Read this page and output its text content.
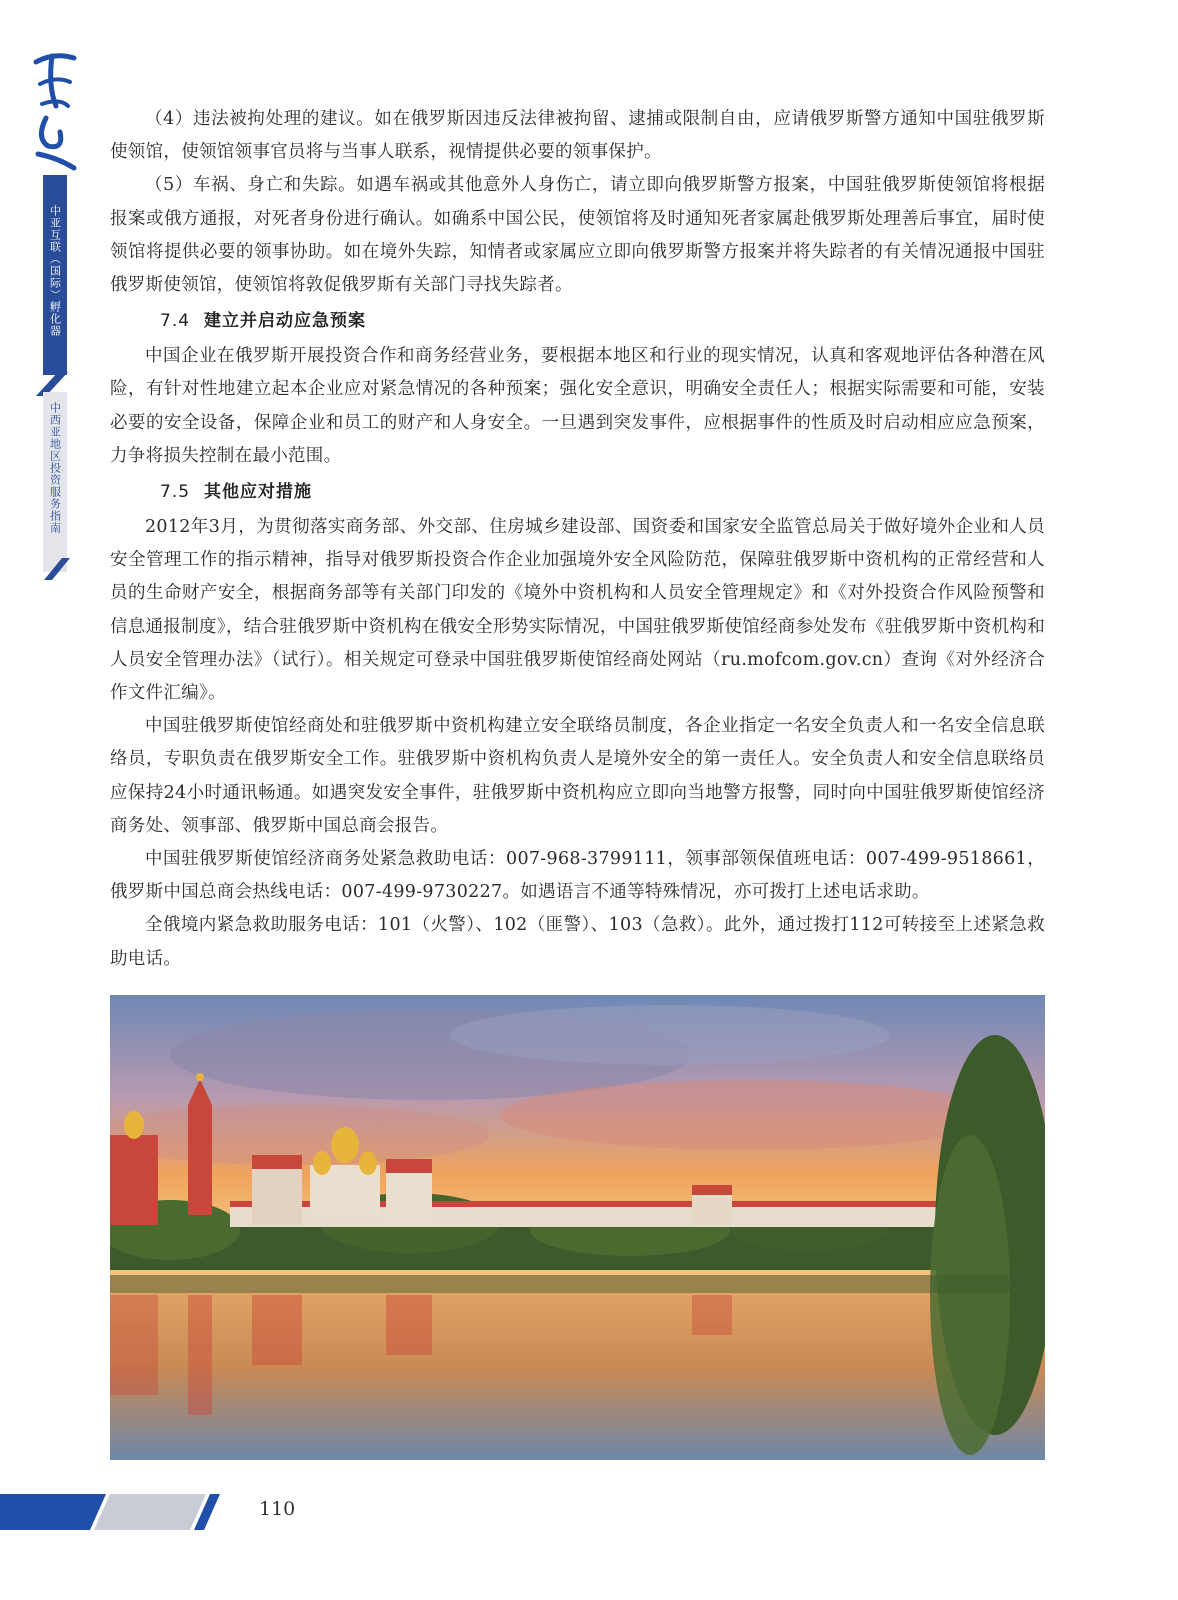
中亚互联（国际）孵化器
中西亚地区投资服务指南

（4）违法被拘处理的建议。如在俄罗斯因违反法律被拘留、逮捕或限制自由，应请俄罗斯警方通知中国驻俄罗斯使领馆，使领馆领事官员将与当事人联系，视情提供必要的领事保护。

（5）车祸、身亡和失踪。如遇车祸或其他意外人身伤亡，请立即向俄罗斯警方报案，中国驻俄罗斯使领馆将根据报案或俄方通报，对死者身份进行确认。如确系中国公民，使领馆将及时通知死者家属赴俄罗斯处理善后事宜，届时使领馆将提供必要的领事协助。如在境外失踪，知情者或家属应立即向俄罗斯警方报案并将失踪者的有关情况通报中国驻俄罗斯使领馆，使领馆将敦促俄罗斯有关部门寻找失踪者。

7.4 建立并启动应急预案

中国企业在俄罗斯开展投资合作和商务经营业务，要根据本地区和行业的现实情况，认真和客观地评估各种潜在风险，有针对性地建立起本企业应对紧急情况的各种预案；强化安全意识，明确安全责任人；根据实际需要和可能，安装必要的安全设备，保障企业和员工的财产和人身安全。一旦遇到突发事件，应根据事件的性质及时启动相应应急预案，力争将损失控制在最小范围。

7.5 其他应对措施

2012年3月，为贯彻落实商务部、外交部、住房城乡建设部、国资委和国家安全监管总局关于做好境外企业和人员安全管理工作的指示精神，指导对俄罗斯投资合作企业加强境外安全风险防范，保障驻俄罗斯中资机构的正常经营和人员的生命财产安全，根据商务部等有关部门印发的《境外中资机构和人员安全管理规定》和《对外投资合作风险预警和信息通报制度》，结合驻俄罗斯中资机构在俄安全形势实际情况，中国驻俄罗斯使馆经商参处发布《驻俄罗斯中资机构和人员安全管理办法》（试行）。相关规定可登录中国驻俄罗斯使馆经商处网站（ru.mofcom.gov.cn）查询《对外经济合作文件汇编》。

中国驻俄罗斯使馆经商处和驻俄罗斯中资机构建立安全联络员制度，各企业指定一名安全负责人和一名安全信息联络员，专职负责在俄罗斯安全工作。驻俄罗斯中资机构负责人是境外安全的第一责任人。安全负责人和安全信息联络员应保持24小时通讯畅通。如遇突发安全事件，驻俄罗斯中资机构应立即向当地警方报警，同时向中国驻俄罗斯使馆经济商务处、领事部、俄罗斯中国总商会报告。

中国驻俄罗斯使馆经济商务处紧急救助电话：007-968-3799111，领事部领保值班电话：007-499-9518661，俄罗斯中国总商会热线电话：007-499-9730227。如遇语言不通等特殊情况，亦可拨打上述电话求助。

全俄境内紧急救助服务电话：101（火警）、102（匪警）、103（急救）。此外，通过拨打112可转接至上述紧急救助电话。

110
